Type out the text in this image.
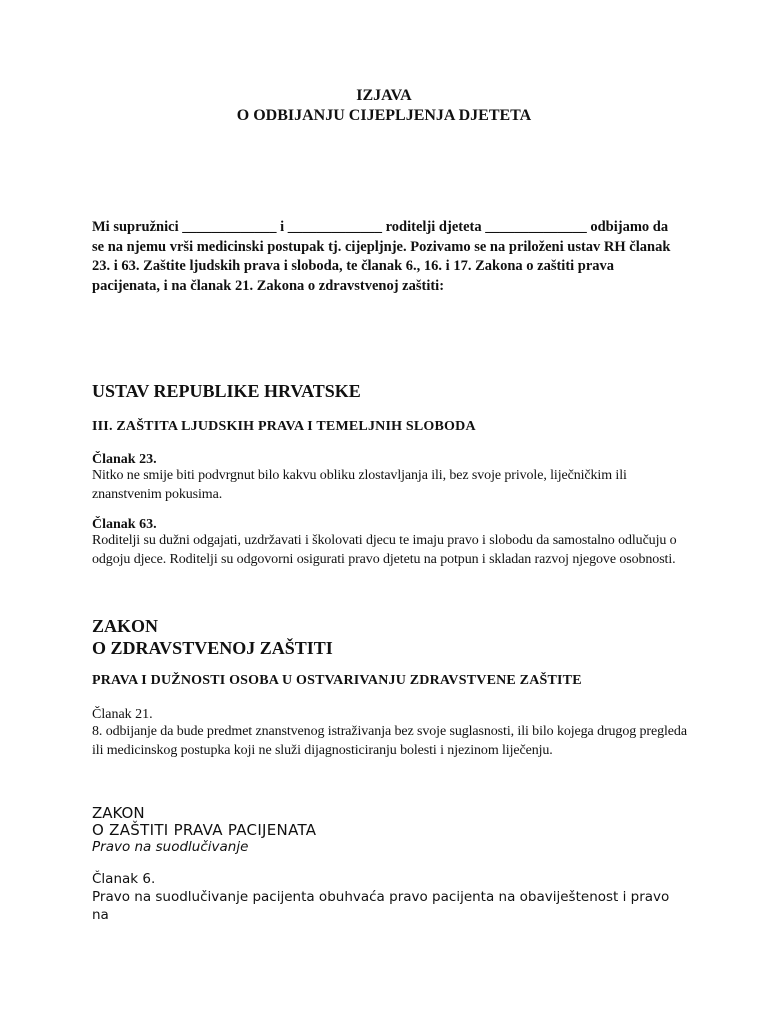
IZJAVA

O ODBIJANJU CIJEPLJENJA DJETETA

Mi supružnici _____________ i _____________ roditelji djeteta ______________ odbijamo da se na njemu vrši medicinski postupak tj. cijepljnje. Pozivamo se na priloženi ustav RH članak 23. i 63. Zaštite ljudskih prava i sloboda, te članak 6., 16. i 17. Zakona o zaštiti prava pacijenata, i na članak 21. Zakona o zdravstvenoj zaštiti:

USTAV REPUBLIKE HRVATSKE

III. ZAŠTITA LJUDSKIH PRAVA I TEMELJNIH SLOBODA

Članak 23.

Nitko ne smije biti podvrgnut bilo kakvu obliku zlostavljanja ili, bez svoje privole, liječničkim ili znanstvenim pokusima.

Članak 63.

Roditelji su dužni odgajati, uzdržavati i školovati djecu te imaju pravo i slobodu da samostalno odlučuju o odgoju djece. Roditelji su odgovorni osigurati pravo djetetu na potpun i skladan razvoj njegove osobnosti.

ZAKON

O ZDRAVSTVENOJ ZAŠTITI

PRAVA I DUŽNOSTI OSOBA U OSTVARIVANJU ZDRAVSTVENE ZAŠTITE

Članak 21.

8. odbijanje da bude predmet znanstvenog istraživanja bez svoje suglasnosti, ili bilo kojega drugog pregleda ili medicinskog postupka koji ne služi dijagnosticiranju bolesti i njezinom liječenju.

ZAKON

O ZAŠTITI PRAVA PACIJENATA

Pravo na suodlučivanje

Članak 6.

Pravo na suodlučivanje pacijenta obuhvaća pravo pacijenta na obaviještenost i pravo na
